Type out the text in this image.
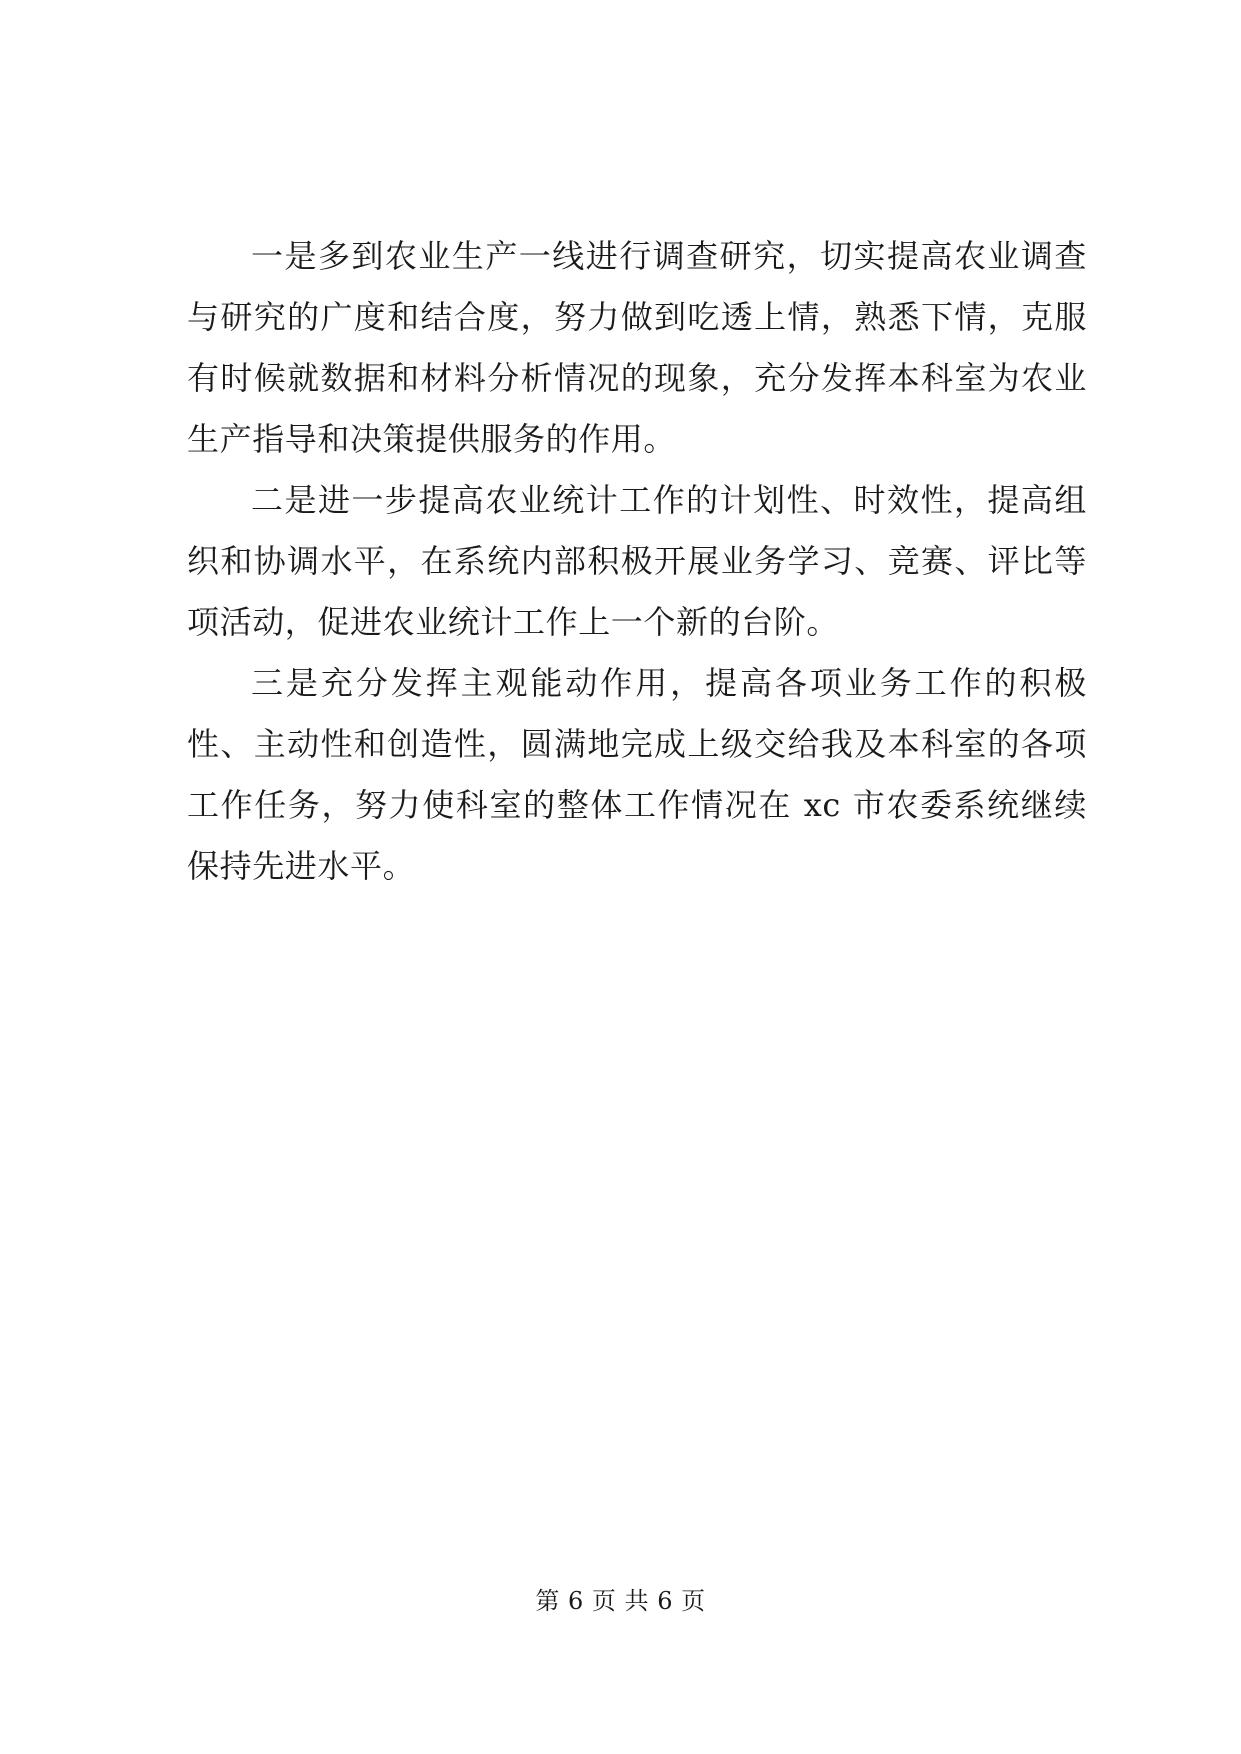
一是多到农业生产一线进行调查研究，切实提高农业调查与研究的广度和结合度，努力做到吃透上情，熟悉下情，克服有时候就数据和材料分析情况的现象，充分发挥本科室为农业生产指导和决策提供服务的作用。

二是进一步提高农业统计工作的计划性、时效性，提高组织和协调水平，在系统内部积极开展业务学习、竞赛、评比等项活动，促进农业统计工作上一个新的台阶。

三是充分发挥主观能动作用，提高各项业务工作的积极性、主动性和创造性，圆满地完成上级交给我及本科室的各项工作任务，努力使科室的整体工作情况在 xc 市农委系统继续保持先进水平。

第 6 页 共 6 页
